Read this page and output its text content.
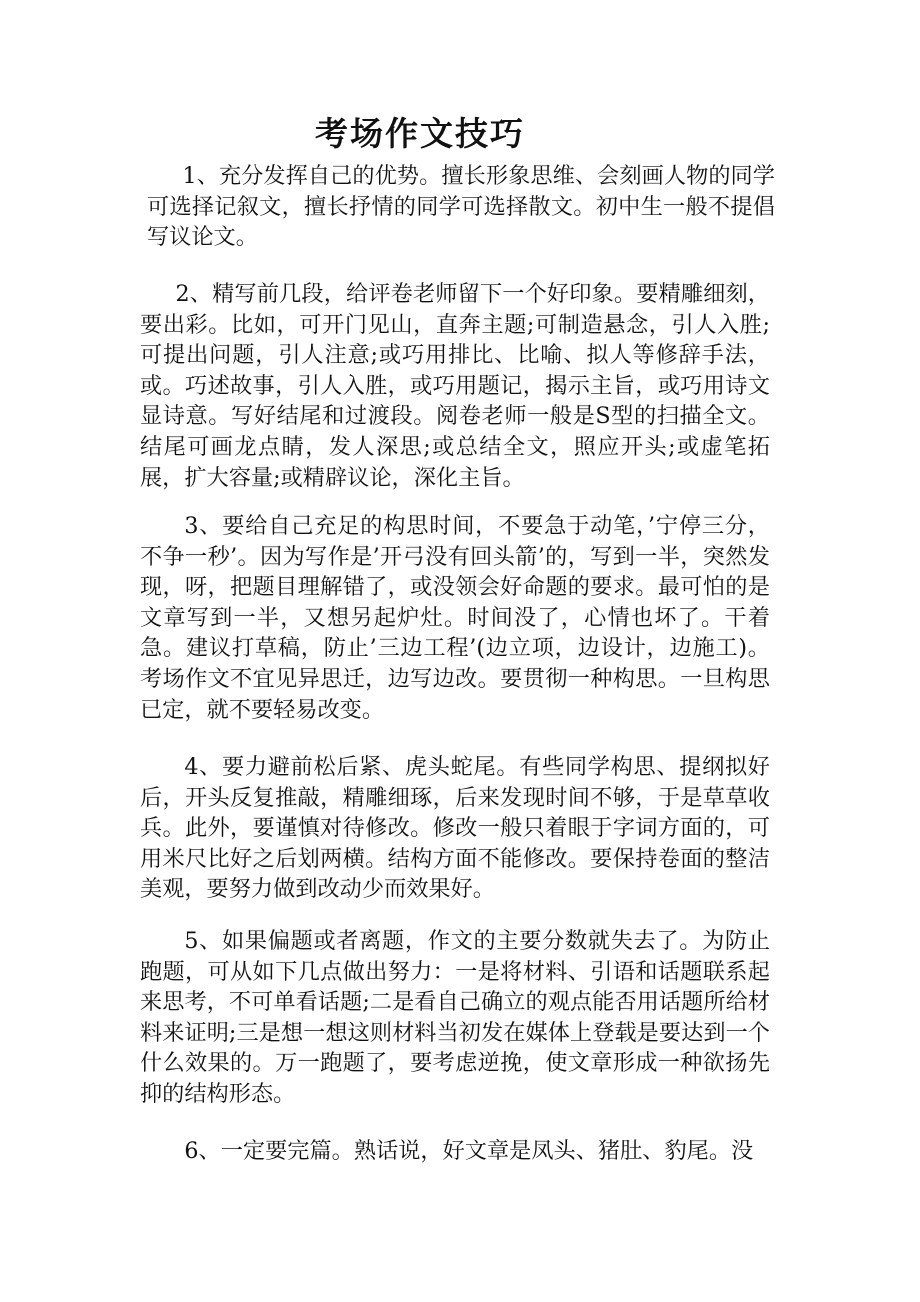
考场作文技巧

1、充分发挥自己的优势。擅长形象思维、会刻画人物的同学可选择记叙文，擅长抒情的同学可选择散文。初中生一般不提倡写议论文。

2、精写前几段，给评卷老师留下一个好印象。要精雕细刻，要出彩。比如，可开门见山，直奔主题;可制造悬念，引人入胜;可提出问题，引人注意;或巧用排比、比喻、拟人等修辞手法，或。巧述故事，引人入胜，或巧用题记，揭示主旨，或巧用诗文显诗意。写好结尾和过渡段。阅卷老师一般是S型的扫描全文。结尾可画龙点睛，发人深思;或总结全文，照应开头;或虚笔拓展，扩大容量;或精辟议论，深化主旨。

3、要给自己充足的构思时间，不要急于动笔，’宁停三分，不争一秒’。因为写作是’开弓没有回头箭’的，写到一半，突然发现，呀，把题目理解错了，或没领会好命题的要求。最可怕的是文章写到一半，又想另起炉灶。时间没了，心情也坏了。干着急。建议打草稿，防止’三边工程’(边立项，边设计，边施工)。考场作文不宜见异思迁，边写边改。要贯彻一种构思。一旦构思已定，就不要轻易改变。

4、要力避前松后紧、虎头蛇尾。有些同学构思、提纲拟好后，开头反复推敲，精雕细琢，后来发现时间不够，于是草草收兵。此外，要谨慎对待修改。修改一般只着眼于字词方面的，可用米尺比好之后划两横。结构方面不能修改。要保持卷面的整洁美观，要努力做到改动少而效果好。

5、如果偏题或者离题，作文的主要分数就失去了。为防止跑题，可从如下几点做出努力：一是将材料、引语和话题联系起来思考，不可单看话题;二是看自己确立的观点能否用话题所给材料来证明;三是想一想这则材料当初发在媒体上登载是要达到一个什么效果的。万一跑题了，要考虑逆挽，使文章形成一种欲扬先抑的结构形态。

6、一定要完篇。熟话说，好文章是凤头、猪肚、豹尾。没
